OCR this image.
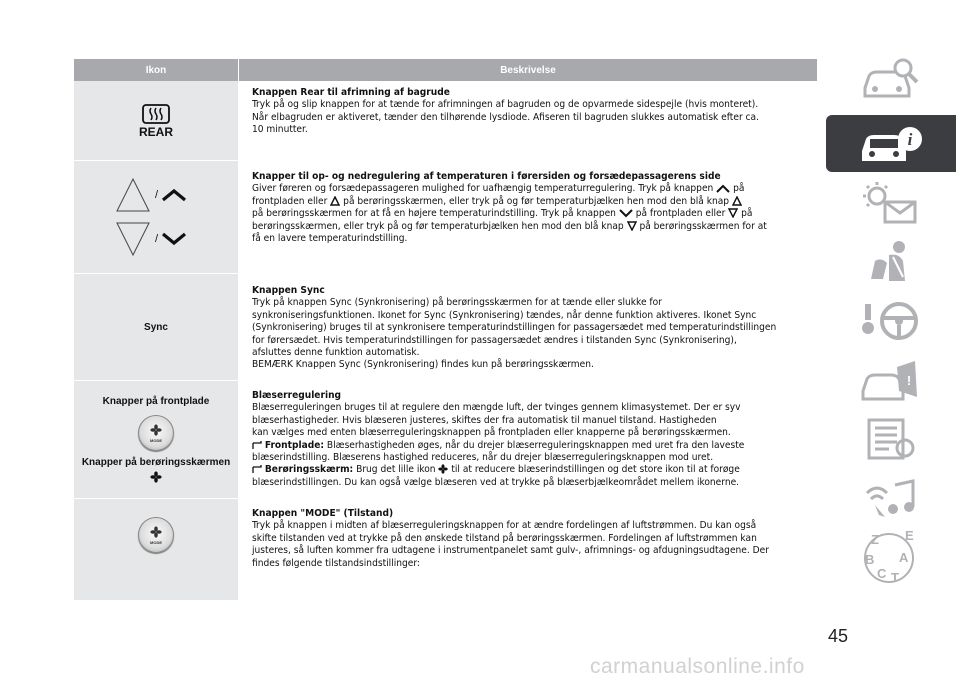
Ikon	Beskrivelse
REAR
Knappen Rear til afrimning af bagrude
Tryk på og slip knappen for at tænde for afrimningen af bagruden og de opvarmede sidespejle (hvis monteret).
Når elbagruden er aktiveret, tænder den tilhørende lysdiode. Afiseren til bagruden slukkes automatisk efter ca.
10 minutter.
/
/
Knapper til op- og nedregulering af temperaturen i førersiden og forsædepassagerens side
Giver føreren og forsædepassageren mulighed for uafhængig temperaturregulering. Tryk på knappen på
frontpladen eller på berøringsskærmen, eller tryk på og før temperaturbjælken hen mod den blå knap
på berøringsskærmen for at få en højere temperaturindstilling. Tryk på knappen på frontpladen eller på
berøringsskærmen, eller tryk på og før temperaturbjælken hen mod den blå knap på berøringsskærmen for at
få en lavere temperaturindstilling.
Sync
Knappen Sync
Tryk på knappen Sync (Synkronisering) på berøringsskærmen for at tænde eller slukke for
synkroniseringsfunktionen. Ikonet for Sync (Synkronisering) tændes, når denne funktion aktiveres. Ikonet Sync
(Synkronisering) bruges til at synkronisere temperaturindstillingen for passagersædet med temperaturindstillingen
for førersædet. Hvis temperaturindstillingen for passagersædet ændres i tilstanden Sync (Synkronisering),
afsluttes denne funktion automatisk.
BEMÆRK Knappen Sync (Synkronisering) findes kun på berøringsskærmen.
Knapper på frontplade
MODE
Knapper på berøringsskærmen
Blæserregulering
Blæserreguleringen bruges til at regulere den mængde luft, der tvinges gennem klimasystemet. Der er syv
blæserhastigheder. Hvis blæseren justeres, skiftes der fra automatisk til manuel tilstand. Hastigheden
kan vælges med enten blæserreguleringsknappen på frontpladen eller knapperne på berøringsskærmen.
Frontplade: Blæserhastigheden øges, når du drejer blæserreguleringsknappen med uret fra den laveste
blæserindstilling. Blæserens hastighed reduceres, når du drejer blæserreguleringsknappen mod uret.
Berøringsskærm: Brug det lille ikon til at reducere blæserindstillingen og det store ikon til at forøge
blæserindstillingen. Du kan også vælge blæseren ved at trykke på blæserbjælkeområdet mellem ikonerne.
MODE
Knappen "MODE" (Tilstand)
Tryk på knappen i midten af blæserreguleringsknappen for at ændre fordelingen af luftstrømmen. Du kan også
skifte tilstanden ved at trykke på den ønskede tilstand på berøringsskærmen. Fordelingen af luftstrømmen kan
justeres, så luften kommer fra udtagene i instrumentpanelet samt gulv-, afrimnings- og afdugningsudtagene. Der
findes følgende tilstandsindstillinger:
i
!
Z E
B A
C T
45
carmanualsonline.info
